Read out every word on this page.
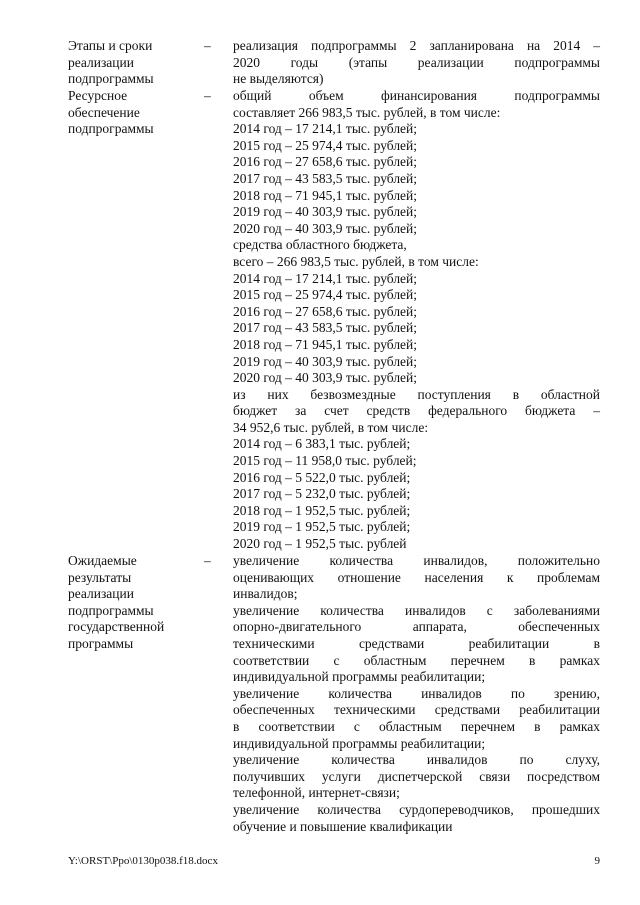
Этапы и сроки
реализации
подпрограммы
– реализация подпрограммы 2 запланирована на 2014 –
2020 годы (этапы реализации подпрограммы
не выделяются)
Ресурсное
обеспечение
подпрограммы
– общий объем финансирования подпрограммы
составляет 266 983,5 тыс. рублей, в том числе:
2014 год – 17 214,1 тыс. рублей;
2015 год – 25 974,4 тыс. рублей;
2016 год – 27 658,6 тыс. рублей;
2017 год – 43 583,5 тыс. рублей;
2018 год – 71 945,1 тыс. рублей;
2019 год – 40 303,9 тыс. рублей;
2020 год – 40 303,9 тыс. рублей;
средства областного бюджета,
всего – 266 983,5 тыс. рублей, в том числе:
2014 год – 17 214,1 тыс. рублей;
2015 год – 25 974,4 тыс. рублей;
2016 год – 27 658,6 тыс. рублей;
2017 год – 43 583,5 тыс. рублей;
2018 год – 71 945,1 тыс. рублей;
2019 год – 40 303,9 тыс. рублей;
2020 год – 40 303,9 тыс. рублей;
из них безвозмездные поступления в областной
бюджет за счет средств федерального бюджета –
34 952,6 тыс. рублей, в том числе:
2014 год – 6 383,1 тыс. рублей;
2015 год – 11 958,0 тыс. рублей;
2016 год – 5 522,0 тыс. рублей;
2017 год – 5 232,0 тыс. рублей;
2018 год – 1 952,5 тыс. рублей;
2019 год – 1 952,5 тыс. рублей;
2020 год – 1 952,5 тыс. рублей
Ожидаемые
результаты
реализации
подпрограммы
государственной
программы
– увеличение количества инвалидов, положительно
оценивающих отношение населения к проблемам
инвалидов;
увеличение количества инвалидов с заболеваниями
опорно-двигательного аппарата, обеспеченных
техническими средствами реабилитации в
соответствии с областным перечнем в рамках
индивидуальной программы реабилитации;
увеличение количества инвалидов по зрению,
обеспеченных техническими средствами реабилитации
в соответствии с областным перечнем в рамках
индивидуальной программы реабилитации;
увеличение количества инвалидов по слуху,
получивших услуги диспетчерской связи посредством
телефонной, интернет-связи;
увеличение количества сурдопереводчиков, прошедших
обучение и повышение квалификации
Y:\ORST\Ppo\0130p038.f18.docx	9
